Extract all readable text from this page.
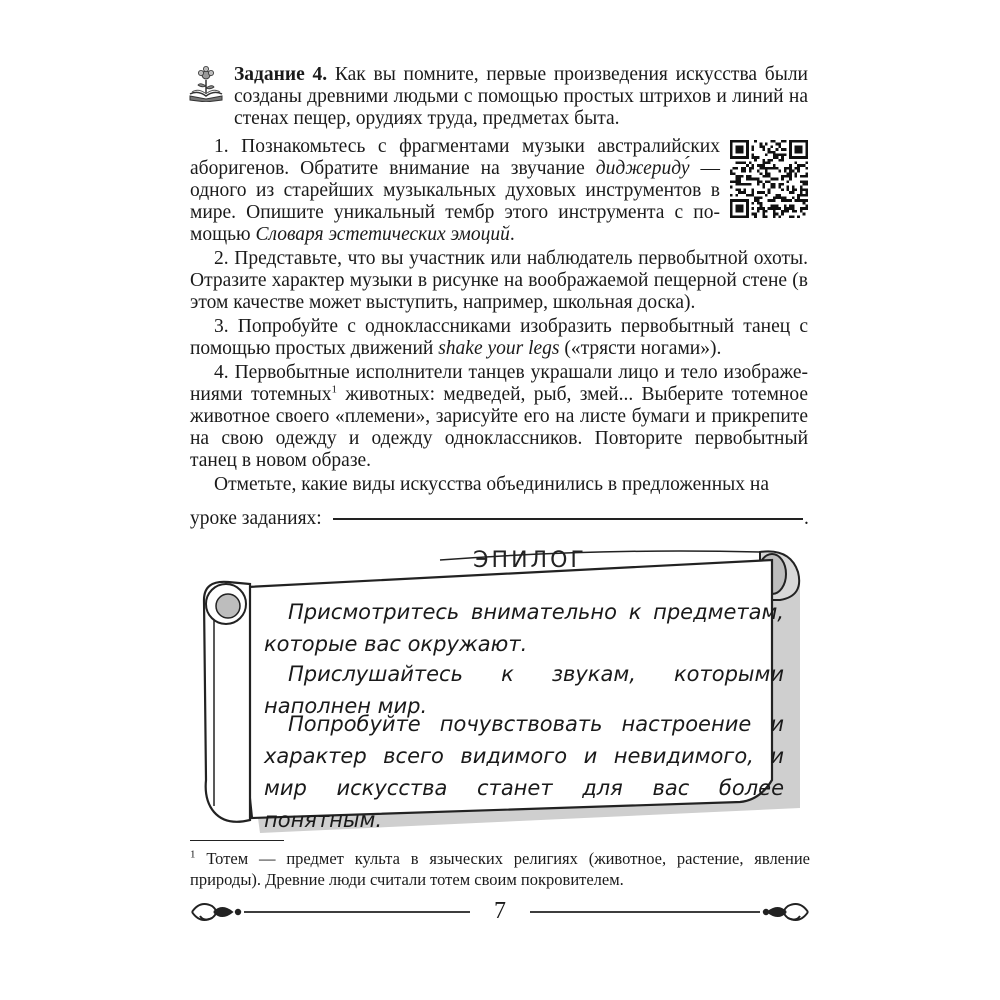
Задание 4. Как вы помните, первые произведения искусства были созданы древними людьми с помощью простых штрихов и линий на стенах пещер, орудиях труда, предметах быта.
1. Познакомьтесь с фрагментами музыки австралийских аборигенов. Обратите внимание на звучание диджериду́ — одного из старейших музыкальных духовых инструментов в мире. Опишите уникальный тембр этого инструмента с помощью Словаря эстетических эмоций.
2. Представьте, что вы участник или наблюдатель первобытной охоты. Отразите характер музыки в рисунке на воображаемой пещерной стене (в этом качестве может выступить, например, школьная доска).
3. Попробуйте с одноклассниками изобразить первобытный танец с помощью простых движений shake your legs («трясти ногами»).
4. Первобытные исполнители танцев украшали лицо и тело изображениями тотемных$^1$ животных: медведей, рыб, змей... Выберите тотемное животное своего «племени», зарисуйте его на листе бумаги и прикрепите на свою одежду и одежду одноклассников. Повторите первобытный танец в новом образе.
Отметьте, какие виды искусства объединились в предложенных на
уроке заданиях:	.
ЭПИЛОГ
Присмотритесь внимательно к предметам, которые вас окружают.
Прислушайтесь к звукам, которыми наполнен мир.
Попробуйте почувствовать настроение и характер всего видимого и невидимого, и мир искусства станет для вас более понятным.
$^1$ Тотем — предмет культа в языческих религиях (животное, растение, явление природы). Древние люди считали тотем своим покровителем.
7
